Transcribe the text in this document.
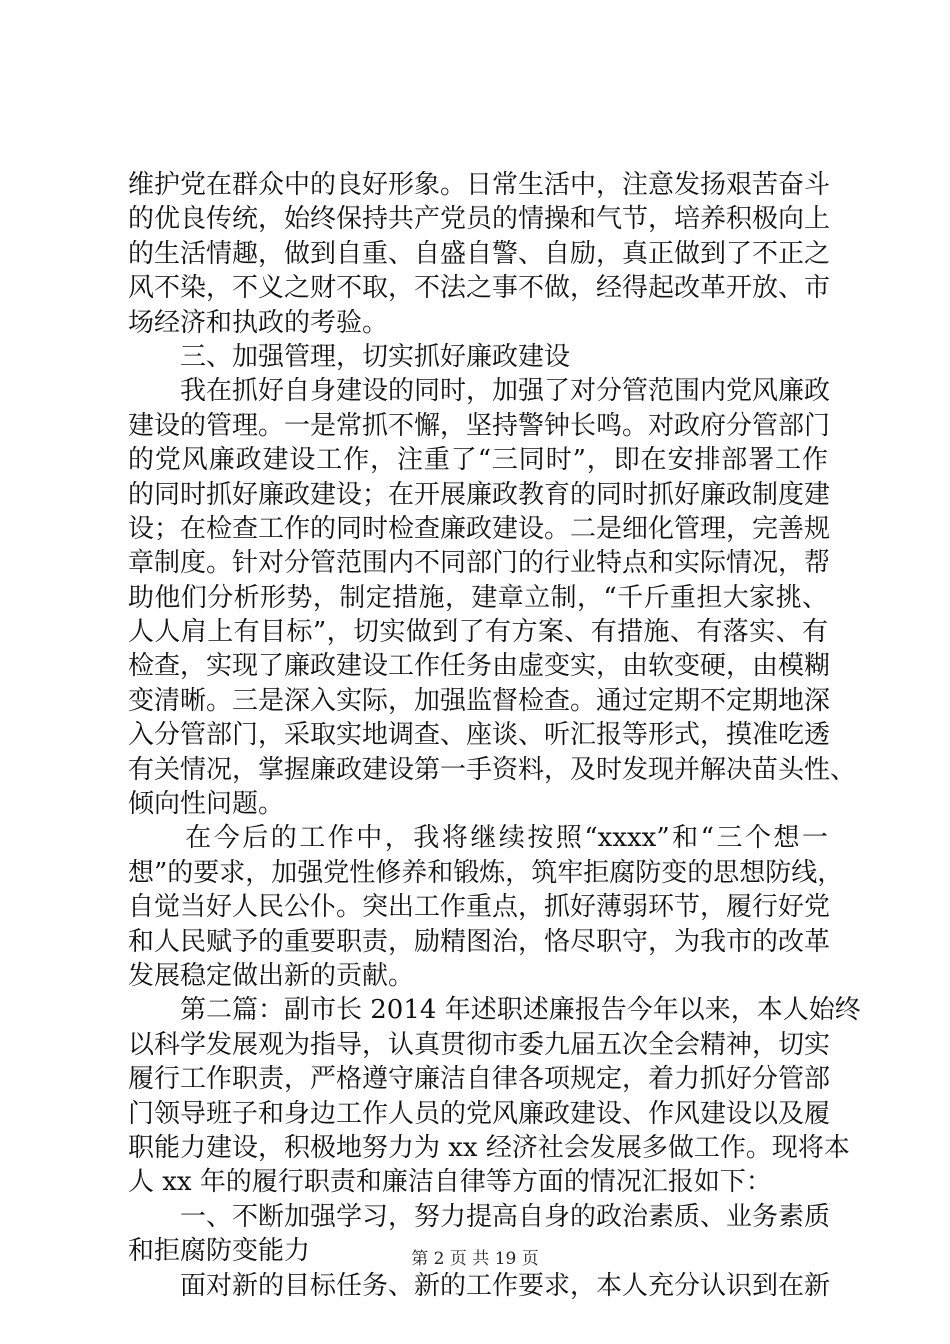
维护党在群众中的良好形象。日常生活中，注意发扬艰苦奋斗
的优良传统，始终保持共产党员的情操和气节，培养积极向上
的生活情趣，做到自重、自盛自警、自励，真正做到了不正之
风不染，不义之财不取，不法之事不做，经得起改革开放、市
场经济和执政的考验。
三、加强管理，切实抓好廉政建设
我在抓好自身建设的同时，加强了对分管范围内党风廉政
建设的管理。一是常抓不懈，坚持警钟长鸣。对政府分管部门
的党风廉政建设工作，注重了“三同时”，即在安排部署工作
的同时抓好廉政建设；在开展廉政教育的同时抓好廉政制度建
设；在检查工作的同时检查廉政建设。二是细化管理，完善规
章制度。针对分管范围内不同部门的行业特点和实际情况，帮
助他们分析形势，制定措施，建章立制，“千斤重担大家挑、
人人肩上有目标”，切实做到了有方案、有措施、有落实、有
检查，实现了廉政建设工作任务由虚变实，由软变硬，由模糊
变清晰。三是深入实际，加强监督检查。通过定期不定期地深
入分管部门，采取实地调查、座谈、听汇报等形式，摸准吃透
有关情况，掌握廉政建设第一手资料，及时发现并解决苗头性、
倾向性问题。
在今后的工作中，我将继续按照“xxxx”和“三个想一
想”的要求，加强党性修养和锻炼，筑牢拒腐防变的思想防线，
自觉当好人民公仆。突出工作重点，抓好薄弱环节，履行好党
和人民赋予的重要职责，励精图治，恪尽职守，为我市的改革
发展稳定做出新的贡献。
第二篇：副市长 2014 年述职述廉报告今年以来，本人始终
以科学发展观为指导，认真贯彻市委九届五次全会精神，切实
履行工作职责，严格遵守廉洁自律各项规定，着力抓好分管部
门领导班子和身边工作人员的党风廉政建设、作风建设以及履
职能力建设，积极地努力为 xx 经济社会发展多做工作。现将本
人 xx 年的履行职责和廉洁自律等方面的情况汇报如下：
一、不断加强学习，努力提高自身的政治素质、业务素质
和拒腐防变能力
面对新的目标任务、新的工作要求，本人充分认识到在新
第 2 页 共 19 页
